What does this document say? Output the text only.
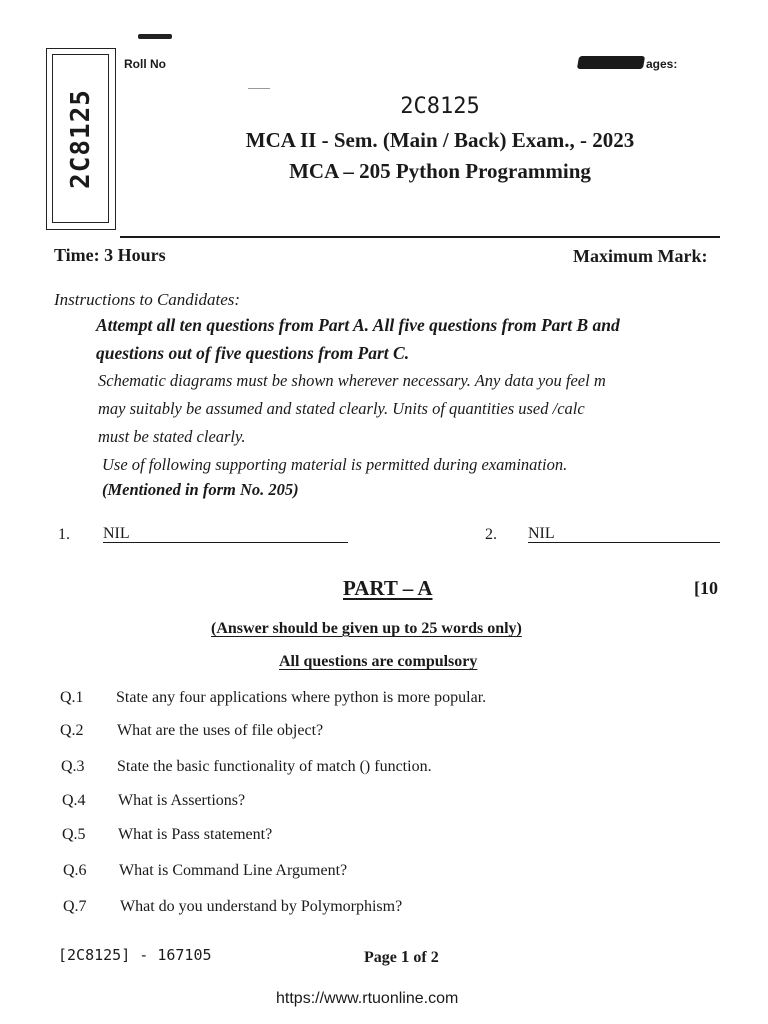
2C8125
Roll No	ages:
2C8125
MCA II - Sem. (Main / Back) Exam., - 2023
MCA – 205 Python Programming
Time: 3 Hours	Maximum Mark:
Instructions to Candidates:
Attempt all ten questions from Part A. All five questions from Part B and
questions out of five questions from Part C.
Schematic diagrams must be shown wherever necessary. Any data you feel m
may suitably be assumed and stated clearly. Units of quantities used /calc
must be stated clearly.
Use of following supporting material is permitted during examination.
(Mentioned in form No. 205)
1. NIL	2. NIL
PART – A	[10
(Answer should be given up to 25 words only)
All questions are compulsory
Q.1 State any four applications where python is more popular.
Q.2 What are the uses of file object?
Q.3 State the basic functionality of match () function.
Q.4 What is Assertions?
Q.5 What is Pass statement?
Q.6 What is Command Line Argument?
Q.7 What do you understand by Polymorphism?
[2C8125] - 167105	Page 1 of 2
https://www.rtuonline.com
